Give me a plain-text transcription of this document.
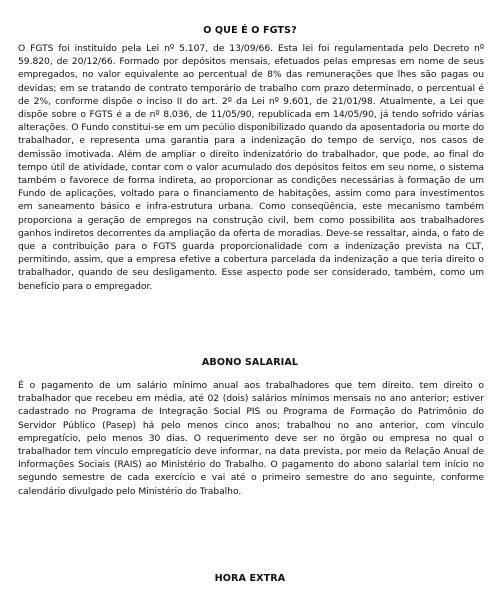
O QUE É O FGTS?

O FGTS foi instituído pela Lei nº 5.107, de 13/09/66. Esta lei foi regulamentada pelo Decreto nº 59.820, de 20/12/66. Formado por depósitos mensais, efetuados pelas empresas em nome de seus empregados, no valor equivalente ao percentual de 8% das remunerações que lhes são pagas ou devidas; em se tratando de contrato temporário de trabalho com prazo determinado, o percentual é de 2%, conforme dispõe o inciso II do art. 2º da Lei nº 9.601, de 21/01/98. Atualmente, a Lei que dispõe sobre o FGTS é a de nº 8.036, de 11/05/90, republicada em 14/05/90, já tendo sofrido várias alterações. O Fundo constitui-se em um pecúlio disponibilizado quando da aposentadoria ou morte do trabalhador, e representa uma garantia para a indenização do tempo de serviço, nos casos de demissão imotivada. Além de ampliar o direito indenizatório do trabalhador, que pode, ao final do tempo útil de atividade, contar com o valor acumulado dos depósitos feitos em seu nome, o sistema também o favorece de forma indireta, ao proporcionar as condições necessárias à formação de um Fundo de aplicações, voltado para o financiamento de habitações, assim como para investimentos em saneamento básico e infra-estrutura urbana. Como conseqüência, este mecanismo também proporciona a geração de empregos na construção civil, bem como possibilita aos trabalhadores ganhos indiretos decorrentes da ampliação da oferta de moradias. Deve-se ressaltar, ainda, o fato de que a contribuição para o FGTS guarda proporcionalidade com a indenização prevista na CLT, permitindo, assim, que a empresa efetive a cobertura parcelada da indenização a que teria direito o trabalhador, quando de seu desligamento. Esse aspecto pode ser considerado, também, como um benefício para o empregador.

ABONO SALARIAL

É o pagamento de um salário mínimo anual aos trabalhadores que tem direito. tem direito o trabalhador que recebeu em média, até 02 (dois) salários mínimos mensais no ano anterior; estiver cadastrado no Programa de Integração Social PIS ou Programa de Formação do Patrimônio do Servidor Público (Pasep) há pelo menos cinco anos; trabalhou no ano anterior, com vínculo empregatício, pelo menos 30 dias. O requerimento deve ser no órgão ou empresa no qual o trabalhador tem vínculo empregatício deve informar, na data prevista, por meio da Relação Anual de Informações Sociais (RAIS) ao Ministério do Trabalho. O pagamento do abono salarial tem início no segundo semestre de cada exercício e vai até o primeiro semestre do ano seguinte, conforme calendário divulgado pelo Ministério do Trabalho.

HORA EXTRA
